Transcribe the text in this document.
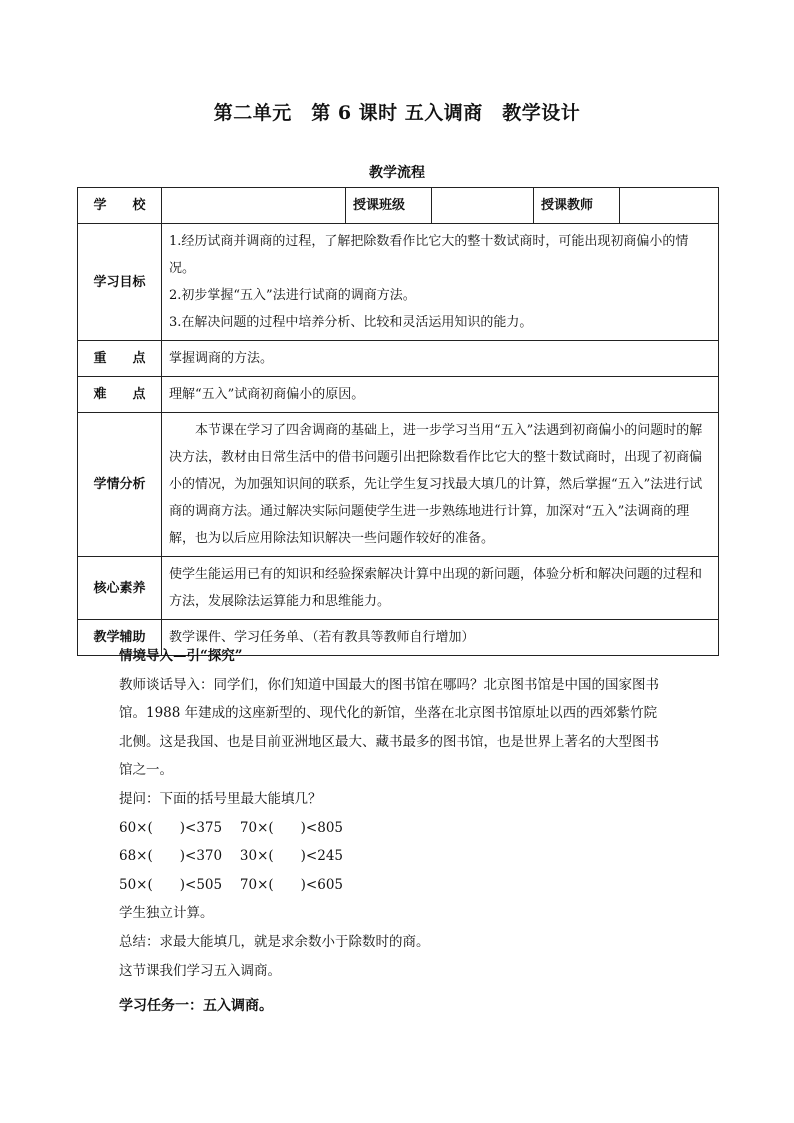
第二单元　第 6 课时 五入调商　教学设计
教学流程
学　　校		授课班级		授课教师	
学习目标	1.经历试商并调商的过程，了解把除数看作比它大的整十数试商时，可能出现初商偏小的情况。

2.初步掌握“五入”法进行试商的调商方法。

3.在解决问题的过程中培养分析、比较和灵活运用知识的能力。				

重　　点	掌握调商的方法。				
难　　点	理解“五入”试商初商偏小的原因。				
学情分析	本节课在学习了四舍调商的基础上，进一步学习当用“五入”法遇到初商偏小的问题时的解决方法，教材由日常生活中的借书问题引出把除数看作比它大的整十数试商时，出现了初商偏小的情况，为加强知识间的联系，先让学生复习找最大填几的计算，然后掌握“五入”法进行试商的调商方法。通过解决实际问题使学生进一步熟练地进行计算，加深对“五入”法调商的理解，也为以后应用除法知识解决一些问题作较好的准备。				
核心素养	使学生能运用已有的知识和经验探索解决计算中出现的新问题，体验分析和解决问题的过程和方法，发展除法运算能力和思维能力。				
教学辅助	教学课件、学习任务单、（若有教具等教师自行增加）				
情境导入—引“探究”
教师谈话导入：同学们，你们知道中国最大的图书馆在哪吗？北京图书馆是中国的国家图书
馆。1988 年建成的这座新型的、现代化的新馆，坐落在北京图书馆原址以西的西郊紫竹院
北侧。这是我国、也是目前亚洲地区最大、藏书最多的图书馆，也是世界上著名的大型图书
馆之一。
提问：下面的括号里最大能填几？
60×(　　)<375　 70×(　　)<805
68×(　　)<370　 30×(　　)<245
50×(　　)<505　 70×(　　)<605
学生独立计算。
总结：求最大能填几，就是求余数小于除数时的商。
这节课我们学习五入调商。
学习任务一：五入调商。
